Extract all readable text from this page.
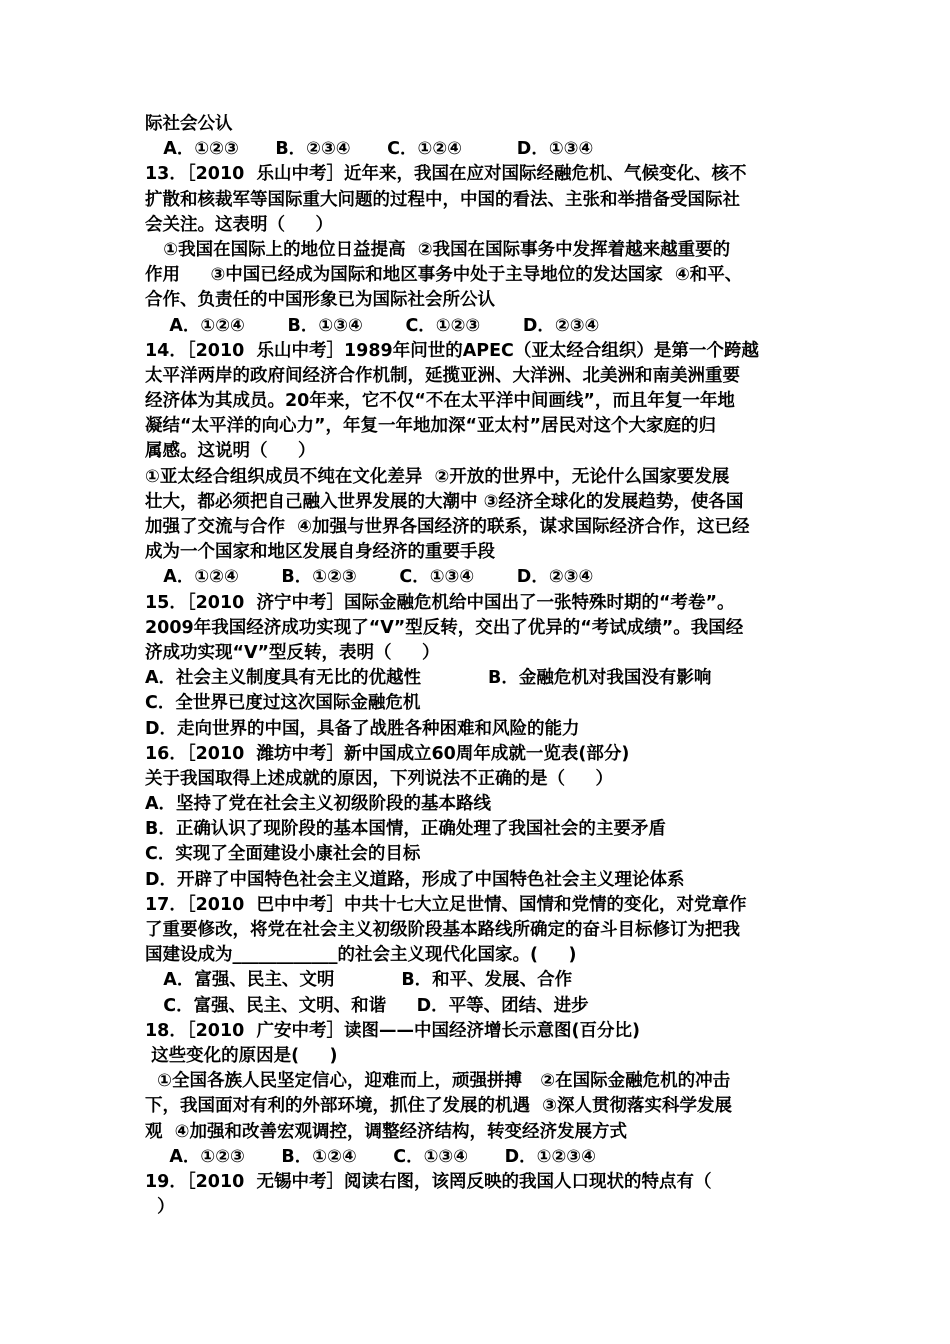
际社会公认
A．①②③      B．②③④      C．①②④         D．①③④
13．［2010  乐山中考］近年来，我国在应对国际经融危机、气候变化、核不
扩散和核裁军等国际重大问题的过程中，中国的看法、主张和举措备受国际社
会关注。这表明（     ）
①我国在国际上的地位日益提高  ②我国在国际事务中发挥着越来越重要的
作用     ③中国已经成为国际和地区事务中处于主导地位的发达国家  ④和平、
合作、负责任的中国形象已为国际社会所公认
A．①②④       B．①③④       C．①②③       D．②③④
14．［2010  乐山中考］1989年问世的APEC（亚太经合组织）是第一个跨越
太平洋两岸的政府间经济合作机制，延揽亚洲、大洋洲、北美洲和南美洲重要
经济体为其成员。20年来，它不仅“不在太平洋中间画线”，而且年复一年地
凝结“太平洋的向心力”，年复一年地加深“亚太村”居民对这个大家庭的归
属感。这说明（     ）
①亚太经合组织成员不纯在文化差异  ②开放的世界中，无论什么国家要发展
壮大，都必须把自己融入世界发展的大潮中 ③经济全球化的发展趋势，使各国
加强了交流与合作  ④加强与世界各国经济的联系，谋求国际经济合作，这已经
成为一个国家和地区发展自身经济的重要手段
A．①②④       B．①②③       C．①③④       D．②③④
15．［2010  济宁中考］国际金融危机给中国出了一张特殊时期的“考卷”。
2009年我国经济成功实现了“V”型反转，交出了优异的“考试成绩”。我国经
济成功实现“V”型反转，表明（     ）
A．社会主义制度具有无比的优越性           B．金融危机对我国没有影响
C．全世界已度过这次国际金融危机
D．走向世界的中国，具备了战胜各种困难和风险的能力
16．［2010  潍坊中考］新中国成立60周年成就一览表(部分)
关于我国取得上述成就的原因，下列说法不正确的是（     ）
A．坚持了党在社会主义初级阶段的基本路线
B．正确认识了现阶段的基本国情，正确处理了我国社会的主要矛盾
C．实现了全面建设小康社会的目标
D．开辟了中国特色社会主义道路，形成了中国特色社会主义理论体系
17．［2010  巴中中考］中共十七大立足世情、国情和党情的变化，对党章作
了重要修改，将党在社会主义初级阶段基本路线所确定的奋斗目标修订为把我
国建设成为____________的社会主义现代化国家。(     )
A．富强、民主、文明           B．和平、发展、合作
C．富强、民主、文明、和谐     D．平等、团结、进步
18．［2010  广安中考］读图——中国经济增长示意图(百分比)
这些变化的原因是(     )
①全国各族人民坚定信心，迎难而上，顽强拼搏   ②在国际金融危机的冲击
下，我国面对有利的外部环境，抓住了发展的机遇  ③深人贯彻落实科学发展
观  ④加强和改善宏观调控，调整经济结构，转变经济发展方式
A．①②③      B．①②④      C．①③④      D．①②③④
19．［2010  无锡中考］阅读右图，该罔反映的我国人口现状的特点有（
）
